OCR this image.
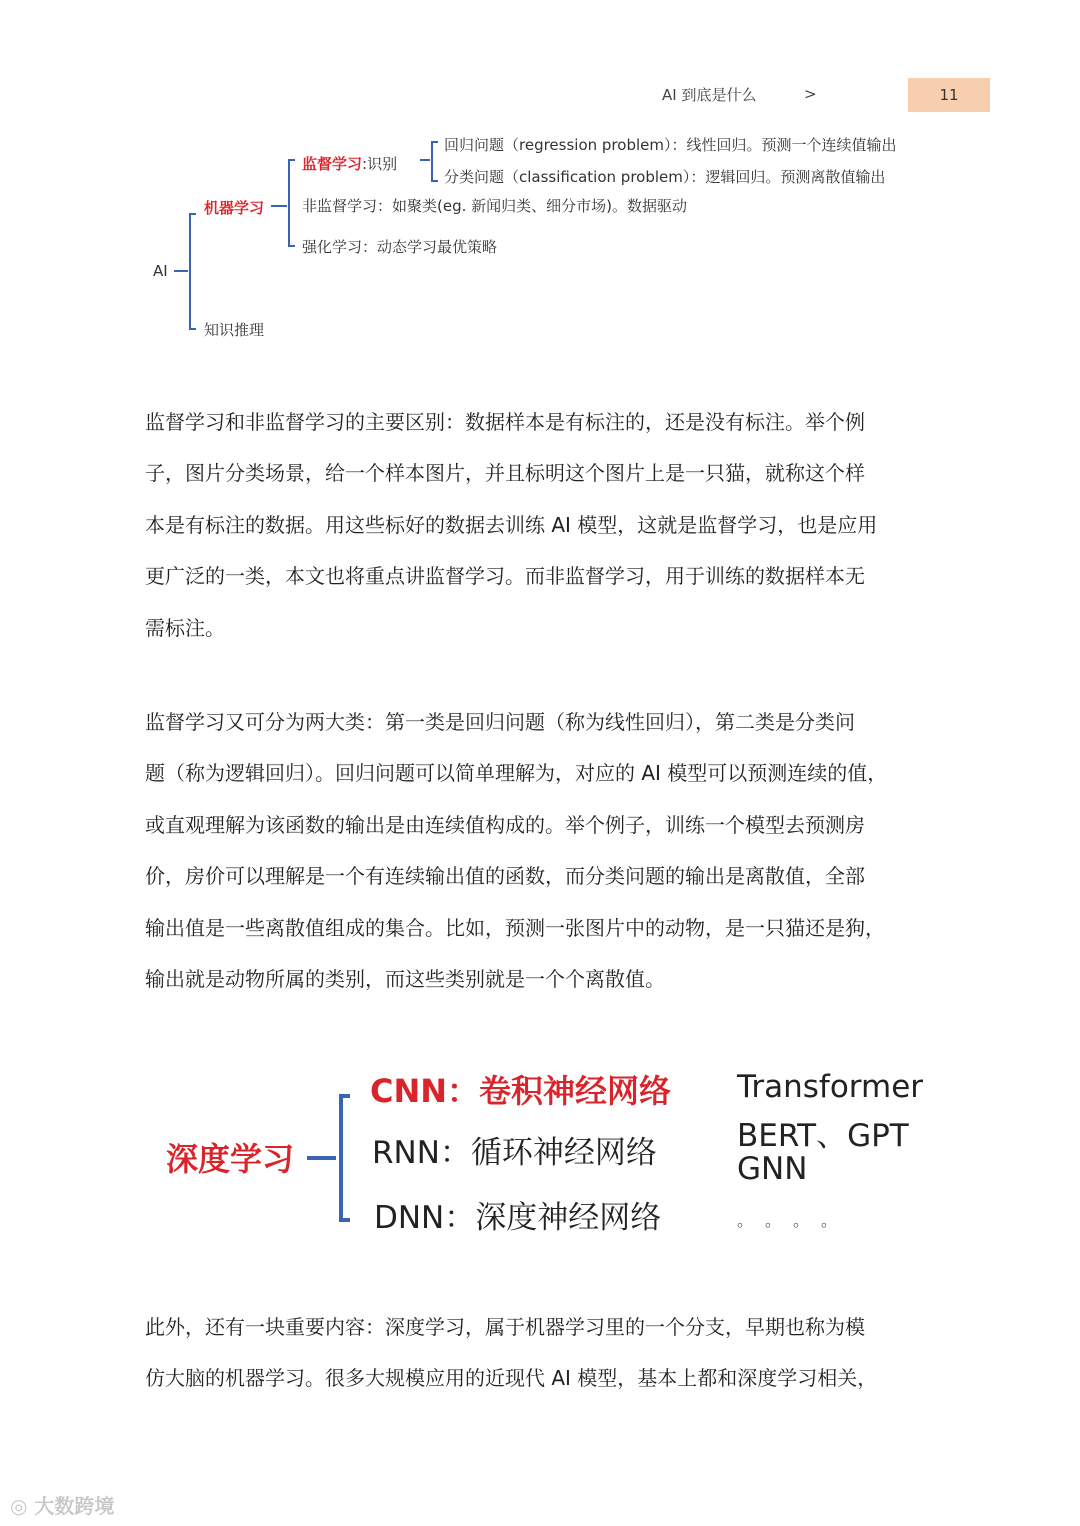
AI 到底是什么	>	11
AI
机器学习
知识推理
监督学习:识别
回归问题（regression problem）：线性回归。预测一个连续值输出
分类问题（classification problem）：逻辑回归。预测离散值输出
非监督学习：如聚类(eg. 新闻归类、细分市场)。数据驱动
强化学习：动态学习最优策略
监督学习和非监督学习的主要区别：数据样本是有标注的，还是没有标注。举个例
子，图片分类场景，给一个样本图片，并且标明这个图片上是一只猫，就称这个样
本是有标注的数据。用这些标好的数据去训练 AI 模型，这就是监督学习，也是应用
更广泛的一类，本文也将重点讲监督学习。而非监督学习，用于训练的数据样本无
需标注。
监督学习又可分为两大类：第一类是回归问题（称为线性回归），第二类是分类问
题（称为逻辑回归）。回归问题可以简单理解为，对应的 AI 模型可以预测连续的值，
或直观理解为该函数的输出是由连续值构成的。举个例子，训练一个模型去预测房
价，房价可以理解是一个有连续输出值的函数，而分类问题的输出是离散值，全部
输出值是一些离散值组成的集合。比如，预测一张图片中的动物，是一只猫还是狗，
输出就是动物所属的类别，而这些类别就是一个个离散值。
深度学习
CNN：卷积神经网络
RNN：循环神经网络
DNN：深度神经网络
Transformer
BERT、GPT
GNN
。。。。
此外，还有一块重要内容：深度学习，属于机器学习里的一个分支，早期也称为模
仿大脑的机器学习。很多大规模应用的近现代 AI 模型，基本上都和深度学习相关，
◎ 大数跨境
